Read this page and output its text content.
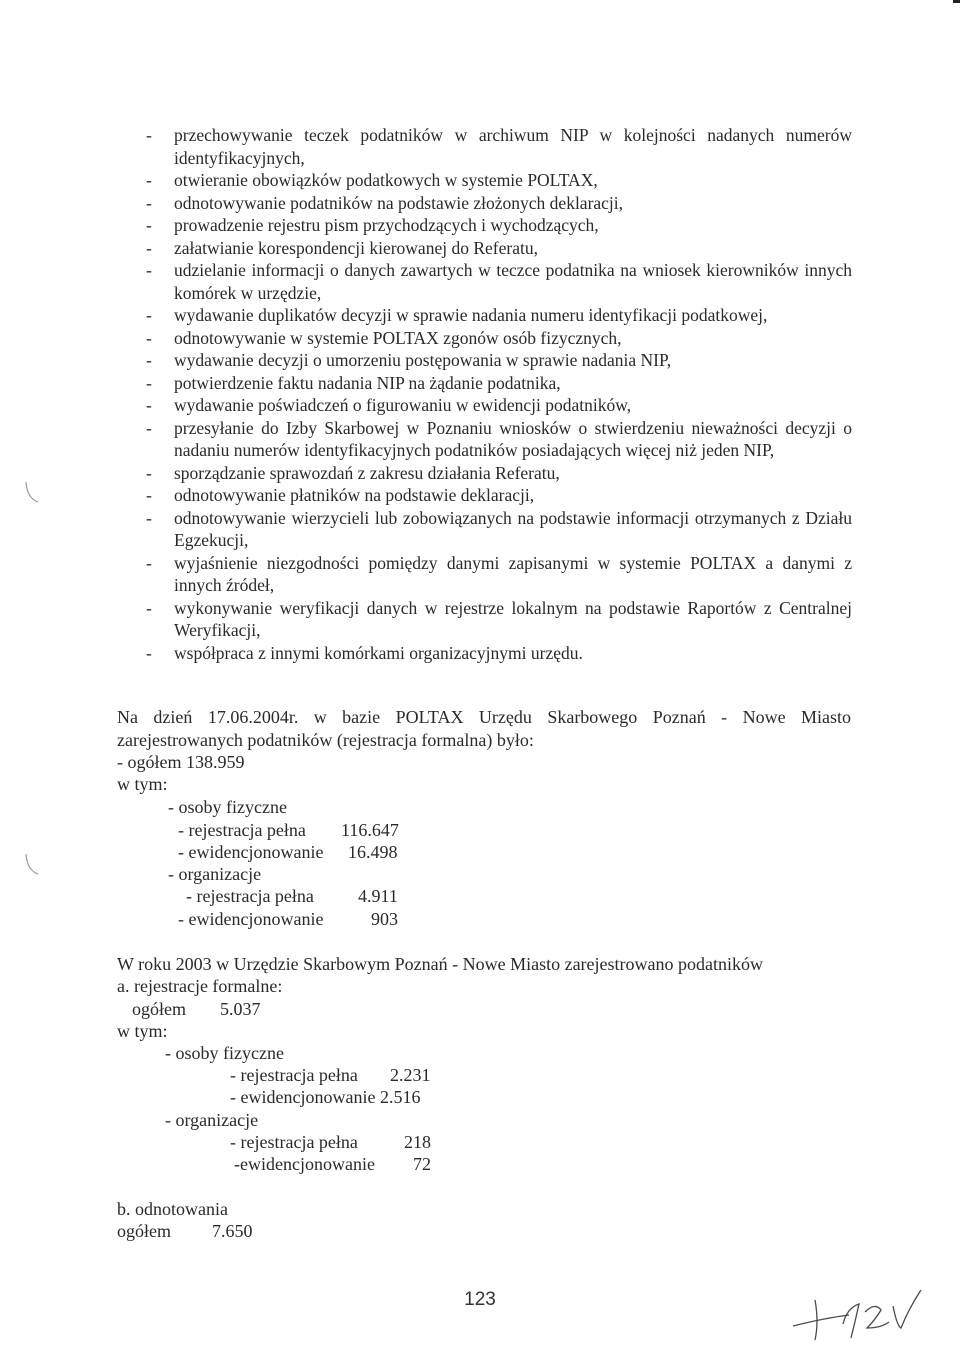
- przechowywanie teczek podatników w archiwum NIP w kolejności nadanych numerów identyfikacyjnych,
- otwieranie obowiązków podatkowych w systemie POLTAX,
- odnotowywanie podatników na podstawie złożonych deklaracji,
- prowadzenie rejestru pism przychodzących i wychodzących,
- załatwianie korespondencji kierowanej do Referatu,
- udzielanie informacji o danych zawartych w teczce podatnika na wniosek kierowników innych komórek w urzędzie,
- wydawanie duplikatów decyzji w sprawie nadania numeru identyfikacji podatkowej,
- odnotowywanie w systemie POLTAX zgonów osób fizycznych,
- wydawanie decyzji o umorzeniu postępowania w sprawie nadania NIP,
- potwierdzenie faktu nadania NIP na żądanie podatnika,
- wydawanie poświadczeń o figurowaniu w ewidencji podatników,
- przesyłanie do Izby Skarbowej w Poznaniu wniosków o stwierdzeniu nieważności decyzji o nadaniu numerów identyfikacyjnych podatników posiadających więcej niż jeden NIP,
- sporządzanie sprawozdań z zakresu działania Referatu,
- odnotowywanie płatników na podstawie deklaracji,
- odnotowywanie wierzycieli lub zobowiązanych na podstawie informacji otrzymanych z Działu Egzekucji,
- wyjaśnienie niezgodności pomiędzy danymi zapisanymi w systemie POLTAX a danymi z innych źródeł,
- wykonywanie weryfikacji danych w rejestrze lokalnym na podstawie Raportów z Centralnej Weryfikacji,
- współpraca z innymi komórkami organizacyjnymi urzędu.
Na dzień 17.06.2004r. w bazie POLTAX Urzędu Skarbowego Poznań - Nowe Miasto zarejestrowanych podatników (rejestracja formalna) było:
- ogółem 138.959
w tym:
- osoby fizyczne
- rejestracja pełna 116.647
- ewidencjonowanie 16.498
- organizacje
- rejestracja pełna 4.911
- ewidencjonowanie	903
W roku 2003 w Urzędzie Skarbowym Poznań - Nowe Miasto zarejestrowano podatników
a. rejestracje formalne:
ogółem 5.037
w tym:
- osoby fizyczne
- rejestracja pełna 2.231
- ewidencjonowanie 2.516
- organizacje
- rejestracja pełna	218
-ewidencjonowanie 72
b. odnotowania
ogółem 7.650
123
